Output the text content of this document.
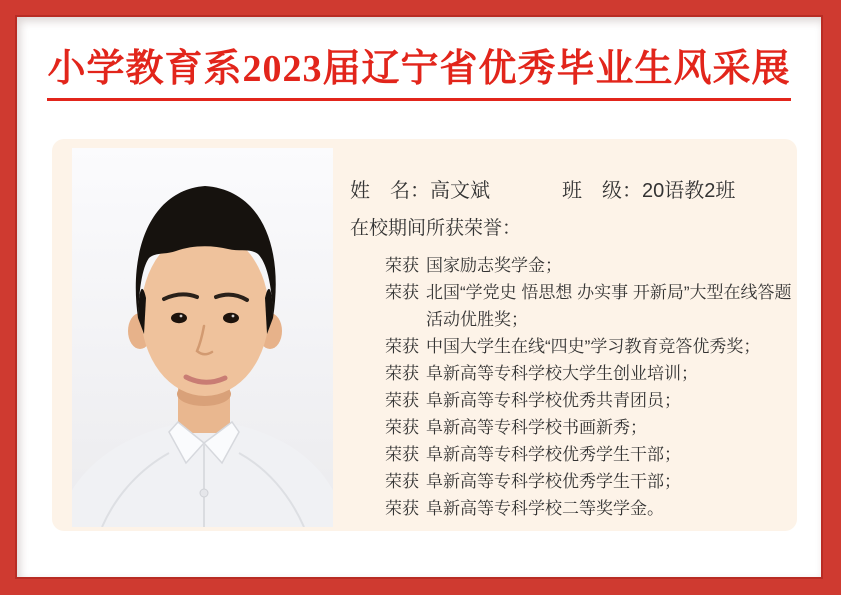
小学教育系2023届辽宁省优秀毕业生风采展
姓　名： 高文斌	班　级：20语教2班
在校期间所获荣誉：
荣获 国家励志奖学金；
荣获 北国“学党史 悟思想 办实事 开新局”大型在线答题
活动优胜奖；
荣获 中国大学生在线“四史”学习教育竞答优秀奖；
荣获 阜新高等专科学校大学生创业培训；
荣获 阜新高等专科学校优秀共青团员；
荣获 阜新高等专科学校书画新秀；
荣获 阜新高等专科学校优秀学生干部；
荣获 阜新高等专科学校优秀学生干部；
荣获 阜新高等专科学校二等奖学金。
